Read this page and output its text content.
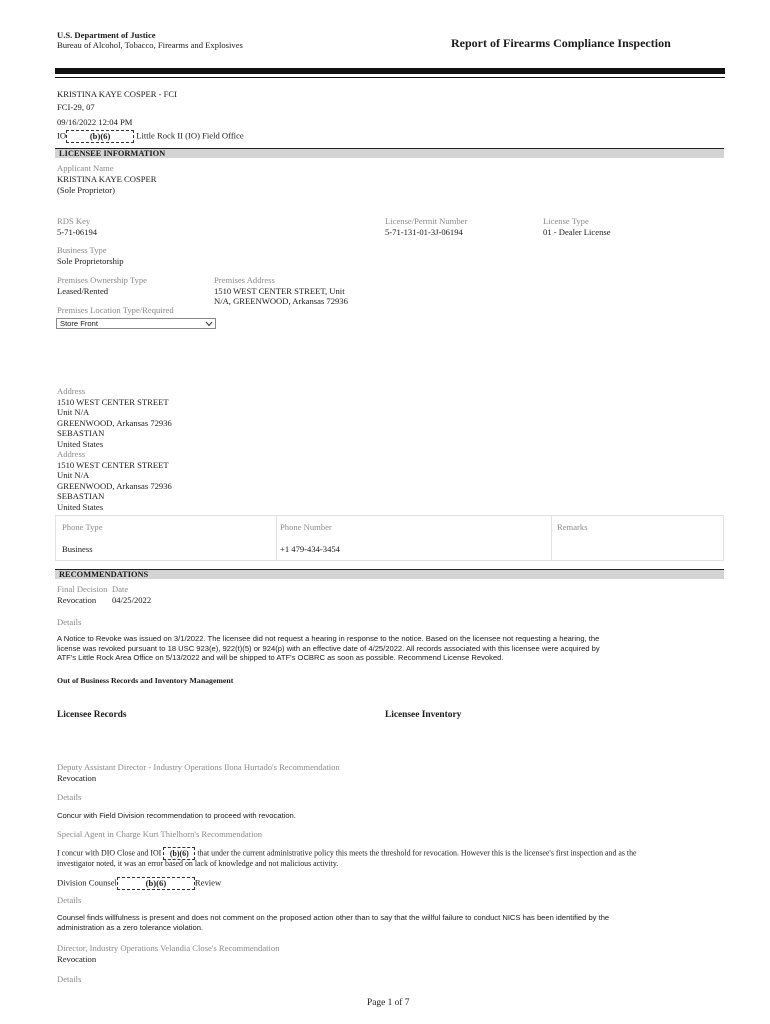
U.S. Department of Justice
Bureau of Alcohol, Tobacco, Firearms and Explosives	Report of Firearms Compliance Inspection
KRISTINA KAYE COSPER - FCI
FCI-29, 07
09/16/2022 12:04 PM
IO	(b)(6)	Little Rock II (IO) Field Office
LICENSEE INFORMATION
Applicant Name
KRISTINA KAYE COSPER
(Sole Proprietor)
RDS Key
5-71-06194
License/Permit Number
5-71-131-01-3J-06194
License Type
01 - Dealer License
Business Type
Sole Proprietorship
Premises Ownership Type
Leased/Rented
Premises Address
1510 WEST CENTER STREET, Unit
N/A, GREENWOOD, Arkansas 72936
Premises Location Type/Required
Store Front
Address
1510 WEST CENTER STREET
Unit N/A
GREENWOOD, Arkansas 72936
SEBASTIAN
United States
Address
1510 WEST CENTER STREET
Unit N/A
GREENWOOD, Arkansas 72936
SEBASTIAN
United States
Phone Type	Phone Number	Remarks
Business	+1 479-434-3454
RECOMMENDATIONS
Final Decision Date
Revocation 04/25/2022
Details
A Notice to Revoke was issued on 3/1/2022. The licensee did not request a hearing in response to the notice. Based on the licensee not requesting a hearing, the
license was revoked pursuant to 18 USC 923(e), 922(t)(5) or 924(p) with an effective date of 4/25/2022. All records associated with this licensee were acquired by
ATF's Little Rock Area Office on 5/13/2022 and will be shipped to ATF's OCBRC as soon as possible. Recommend License Revoked.
Out of Business Records and Inventory Management
Licensee Records	Licensee Inventory
Deputy Assistant Director - Industry Operations Ilona Hurtado's Recommendation
Revocation
Details
Concur with Field Division recommendation to proceed with revocation.
Special Agent in Charge Kurt Thielhorn's Recommendation
I concur with DIO Close and IOI (b)(6) that under the current administrative policy this meets the threshold for revocation. However this is the licensee's first inspection and as the
investigator noted, it was an error based on lack of knowledge and not malicious activity.
Division Counsel	(b)(6)	Review
Details
Counsel finds willfulness is present and does not comment on the proposed action other than to say that the willful failure to conduct NICS has been identified by the
administration as a zero tolerance violation.
Director, Industry Operations Velandia Close's Recommendation
Revocation
Details
Page 1 of 7
